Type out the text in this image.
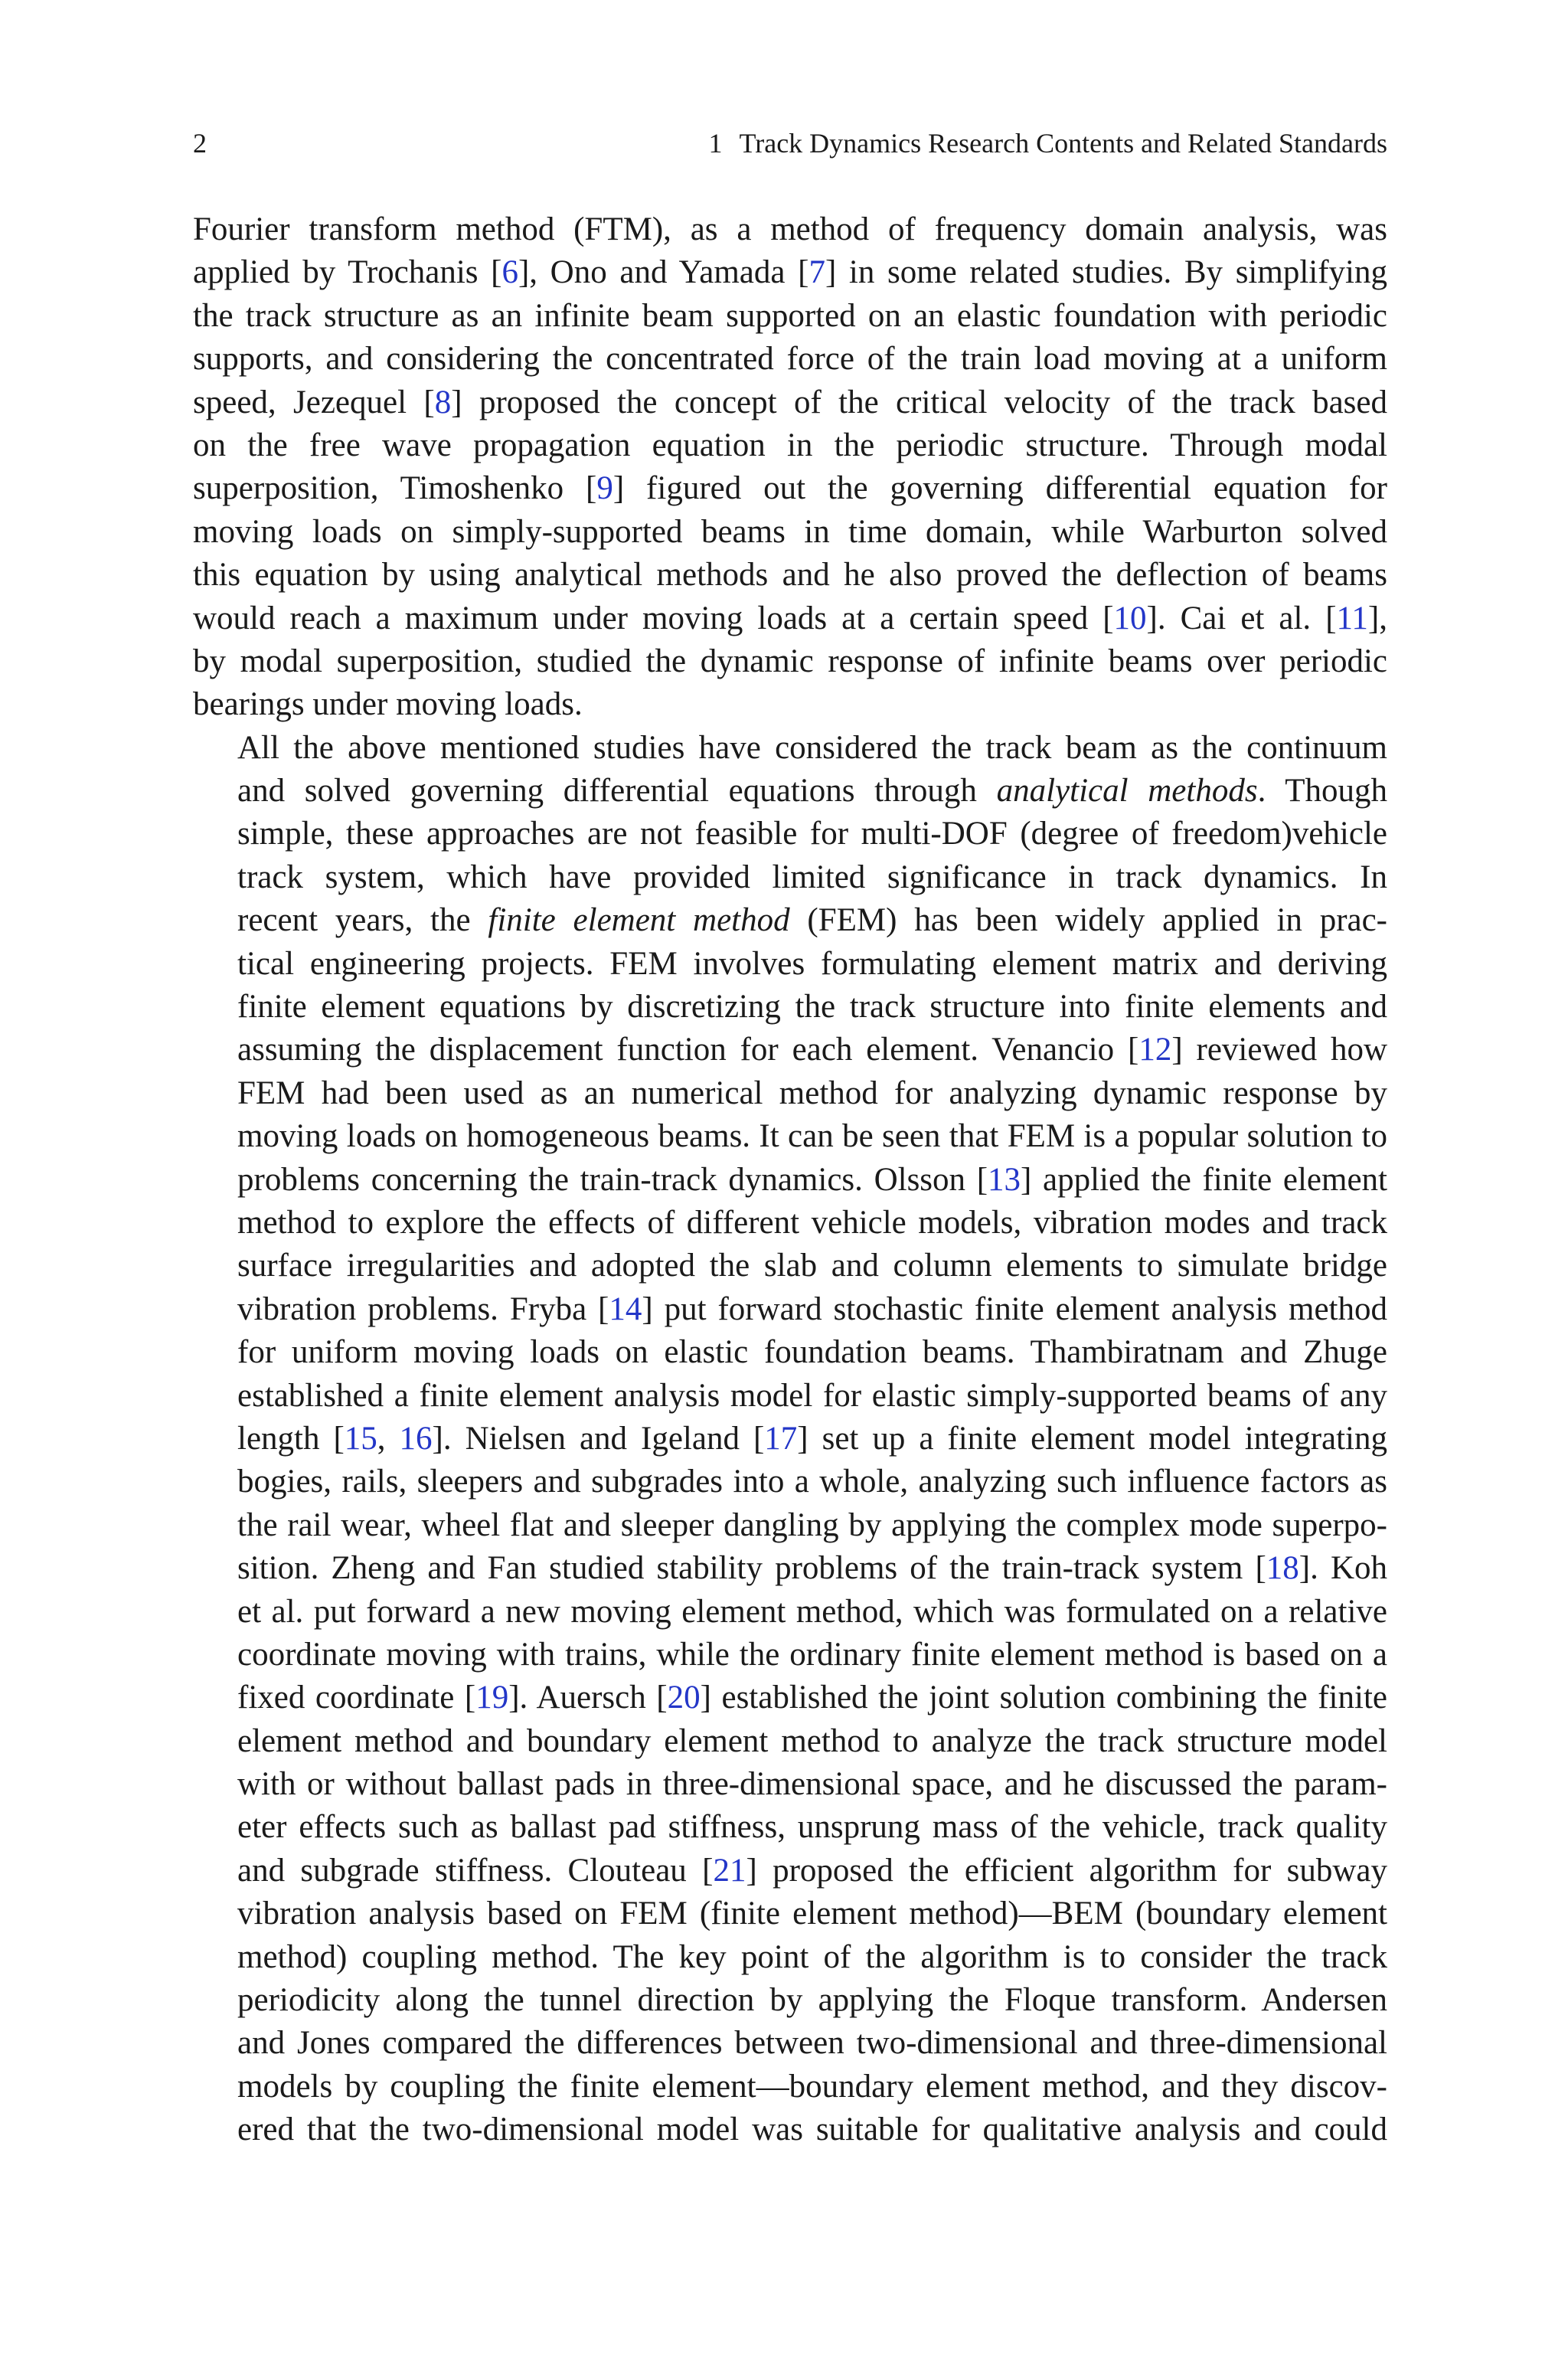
2	1 Track Dynamics Research Contents and Related Standards
Fourier transform method (FTM), as a method of frequency domain analysis, was
applied by Trochanis [6], Ono and Yamada [7] in some related studies. By simplifying
the track structure as an infinite beam supported on an elastic foundation with periodic
supports, and considering the concentrated force of the train load moving at a uniform
speed, Jezequel [8] proposed the concept of the critical velocity of the track based
on the free wave propagation equation in the periodic structure. Through modal
superposition, Timoshenko [9] figured out the governing differential equation for
moving loads on simply-supported beams in time domain, while Warburton solved
this equation by using analytical methods and he also proved the deflection of beams
would reach a maximum under moving loads at a certain speed [10]. Cai et al. [11],
by modal superposition, studied the dynamic response of infinite beams over periodic
bearings under moving loads.
All the above mentioned studies have considered the track beam as the continuum
and solved governing differential equations through analytical methods. Though
simple, these approaches are not feasible for multi-DOF (degree of freedom)vehicle
track system, which have provided limited significance in track dynamics. In
recent years, the finite element method (FEM) has been widely applied in prac-
tical engineering projects. FEM involves formulating element matrix and deriving
finite element equations by discretizing the track structure into finite elements and
assuming the displacement function for each element. Venancio [12] reviewed how
FEM had been used as an numerical method for analyzing dynamic response by
moving loads on homogeneous beams. It can be seen that FEM is a popular solution to
problems concerning the train-track dynamics. Olsson [13] applied the finite element
method to explore the effects of different vehicle models, vibration modes and track
surface irregularities and adopted the slab and column elements to simulate bridge
vibration problems. Fryba [14] put forward stochastic finite element analysis method
for uniform moving loads on elastic foundation beams. Thambiratnam and Zhuge
established a finite element analysis model for elastic simply-supported beams of any
length [15, 16]. Nielsen and Igeland [17] set up a finite element model integrating
bogies, rails, sleepers and subgrades into a whole, analyzing such influence factors as
the rail wear, wheel flat and sleeper dangling by applying the complex mode superpo-
sition. Zheng and Fan studied stability problems of the train-track system [18]. Koh
et al. put forward a new moving element method, which was formulated on a relative
coordinate moving with trains, while the ordinary finite element method is based on a
fixed coordinate [19]. Auersch [20] established the joint solution combining the finite
element method and boundary element method to analyze the track structure model
with or without ballast pads in three-dimensional space, and he discussed the param-
eter effects such as ballast pad stiffness, unsprung mass of the vehicle, track quality
and subgrade stiffness. Clouteau [21] proposed the efficient algorithm for subway
vibration analysis based on FEM (finite element method)—BEM (boundary element
method) coupling method. The key point of the algorithm is to consider the track
periodicity along the tunnel direction by applying the Floque transform. Andersen
and Jones compared the differences between two-dimensional and three-dimensional
models by coupling the finite element—boundary element method, and they discov-
ered that the two-dimensional model was suitable for qualitative analysis and could
